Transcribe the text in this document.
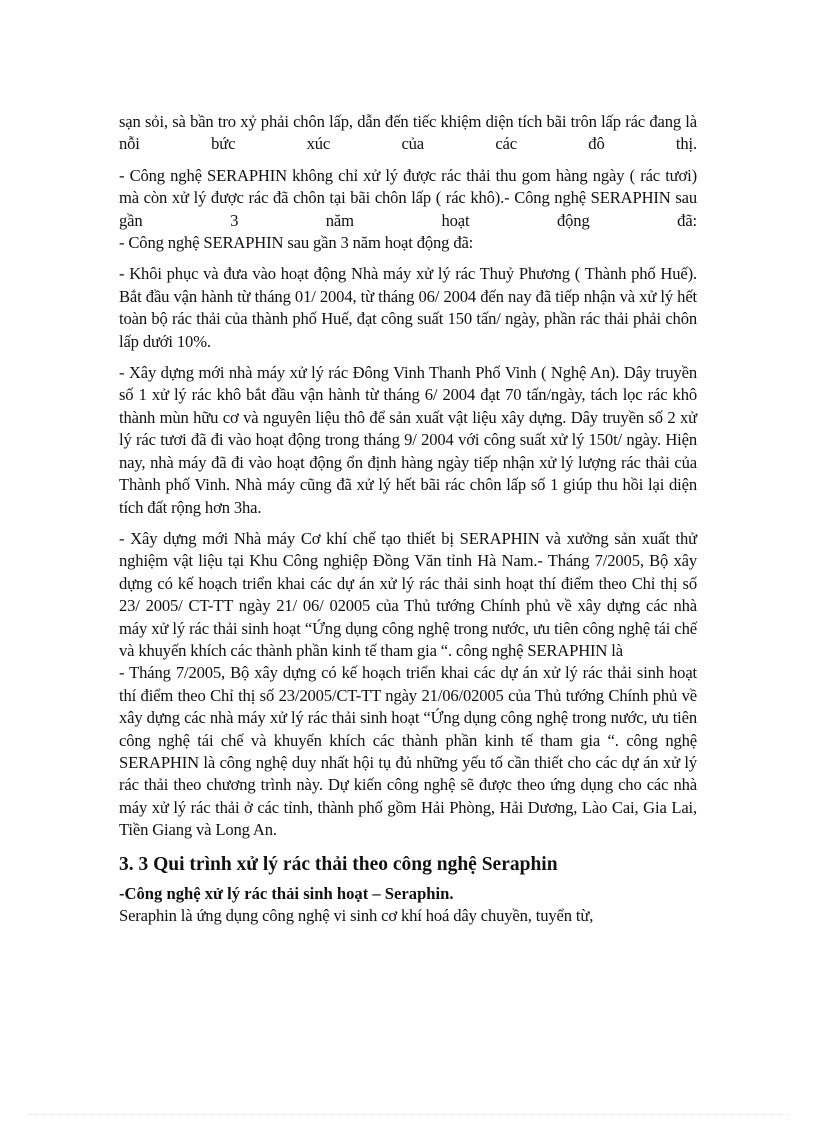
sạn sỏi, sà bần tro xỷ phải chôn lấp, dẫn đến tiếc khiệm diện tích bãi trôn lấp rác đang là nỗi bức xúc của các đô thị.

- Công nghệ SERAPHIN không chỉ xử lý được rác thải thu gom hàng ngày ( rác tươi) mà còn xử lý được rác đã chôn tại bãi chôn lấp ( rác khô).- Công nghệ SERAPHIN sau gần 3 năm hoạt động đã:

- Công nghệ SERAPHIN sau gần 3 năm hoạt động đã:

- Khôi phục và đưa vào hoạt động Nhà máy xử lý rác Thuỷ Phương ( Thành phố Huế). Bắt đầu vận hành từ tháng 01/ 2004, từ tháng 06/ 2004 đến nay đã tiếp nhận và xử lý hết toàn bộ rác thải của thành phố Huế, đạt công suất 150 tấn/ ngày, phần rác thải phải chôn lấp dưới 10%.

- Xây dựng mới nhà máy xử lý rác Đông Vinh Thanh Phố Vinh ( Nghệ An). Dây truyền số 1 xử lý rác khô bắt đầu vận hành từ tháng 6/ 2004 đạt 70 tấn/ngày, tách lọc rác khô thành mùn hữu cơ và nguyên liệu thô để sản xuất vật liệu xây dựng. Dây truyền số 2 xử lý rác tươi đã đi vào hoạt động trong tháng 9/ 2004 với công suất xử lý 150t/ ngày. Hiện nay, nhà máy đã đi vào hoạt động ổn định hàng ngày tiếp nhận xử lý lượng rác thải của Thành phố Vinh. Nhà máy cũng đã xử lý hết bãi rác chôn lấp số 1 giúp thu hồi lại diện tích đất rộng hơn 3ha.

- Xây dựng mới Nhà máy Cơ khí chế tạo thiết bị SERAPHIN và xưởng sản xuất thử nghiệm vật liệu tại Khu Công nghiệp Đồng Văn tỉnh Hà Nam.- Tháng 7/2005, Bộ xây dựng có kế hoạch triển khai các dự án xử lý rác thải sinh hoạt thí điểm theo Chỉ thị số 23/ 2005/ CT-TT ngày 21/ 06/ 02005 của Thủ tướng Chính phủ về xây dựng các nhà máy xử lý rác thải sinh hoạt “Ứng dụng công nghệ trong nước, ưu tiên công nghệ tái chế và khuyến khích các thành phần kinh tế tham gia “. công nghệ SERAPHIN là

- Tháng 7/2005, Bộ xây dựng có kế hoạch triển khai các dự án xử lý rác thải sinh hoạt thí điểm theo Chỉ thị số 23/2005/CT-TT ngày 21/06/02005 của Thủ tướng Chính phủ về xây dựng các nhà máy xử lý rác thải sinh hoạt “Ứng dụng công nghệ trong nước, ưu tiên công nghệ tái chế và khuyến khích các thành phần kinh tế tham gia “. công nghệ SERAPHIN là công nghệ duy nhất hội tụ đủ những yếu tố cần thiết cho các dự án xử lý rác thải theo chương trình này. Dự kiến công nghệ sẽ được theo ứng dụng cho các nhà máy xử lý rác thải ở các tỉnh, thành phố gồm Hải Phòng, Hải Dương, Lào Cai, Gia Lai, Tiền Giang và Long An.

3. 3 Qui trình xử lý rác thải theo công nghệ Seraphin

-Công nghệ xử lý rác thải sinh hoạt – Seraphin.

Seraphin là ứng dụng công nghệ vi sinh cơ khí hoá dây chuyền, tuyển từ,
